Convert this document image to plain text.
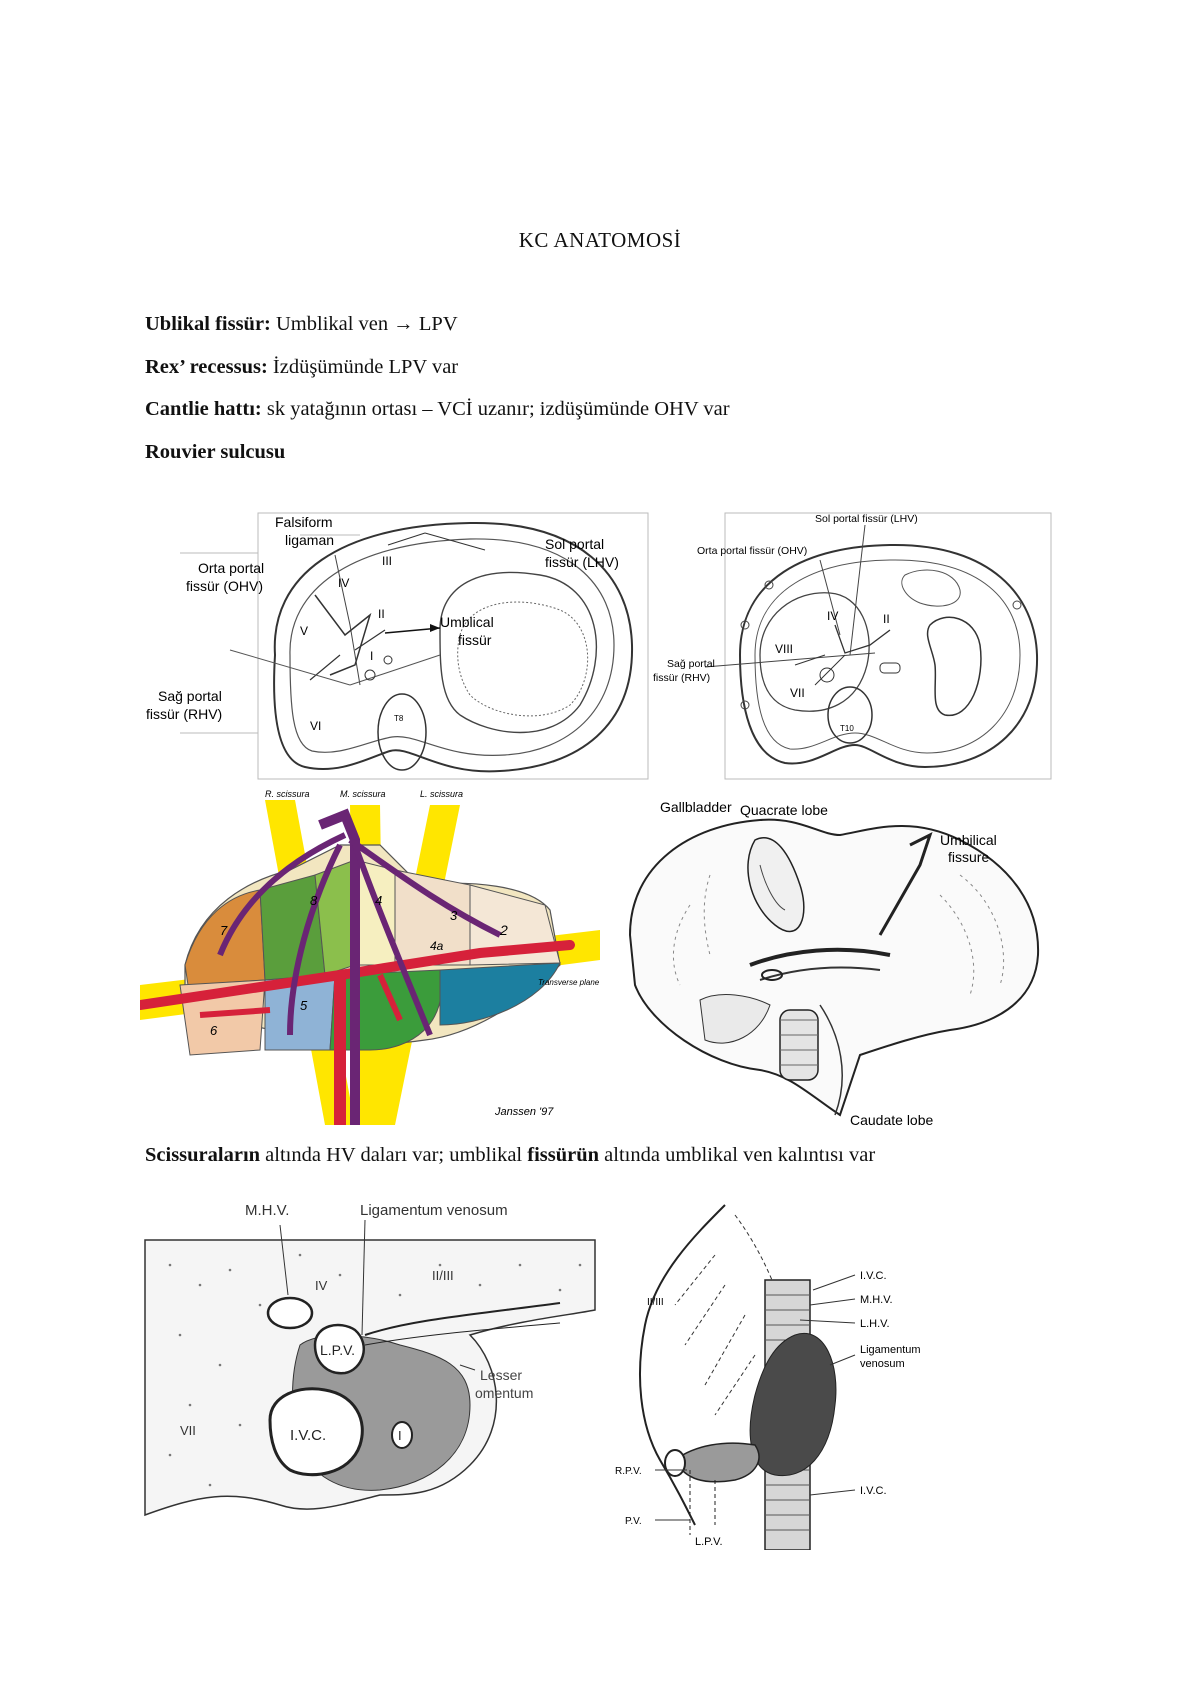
KC ANATOMOSİ
Ublikal fissür: Umblikal ven → LPV
Rex’ recessus: İzdüşümünde LPV var
Cantlie hattı: sk yatağının ortası – VCİ uzanır; izdüşümünde OHV var
Rouvier sulcusu
Falsiform
ligaman
Orta portal
fissür (OHV)
Sol portal
fissür (LHV)
Umblical
fissür
Sağ portal
fissür (RHV)
III
IV
II
V
I
VI
T8
Sol portal fissür (LHV)
Orta portal fissür (OHV)
Sağ portal
fissür (RHV)
IV	II
VIII
VII
T10
R. scissura	M. scissura	L. scissura
2
3
4
4a
5
6
7
8
Transverse plane
Janssen '97
Gallbladder Quacrate lobe
Umbilical
fissure
Caudate lobe
Scissuraların altında HV daları var; umblikal fissürün altında umblikal ven kalıntısı var
M.H.V.	Ligamentum venosum
IV
II/III
L.P.V.
Lesser
omentum
VII	I.V.C.	I
I.V.C.
M.H.V.
L.H.V.
Ligamentum
venosum
II/III
I.V.C.
R.P.V.
P.V.
L.P.V.
